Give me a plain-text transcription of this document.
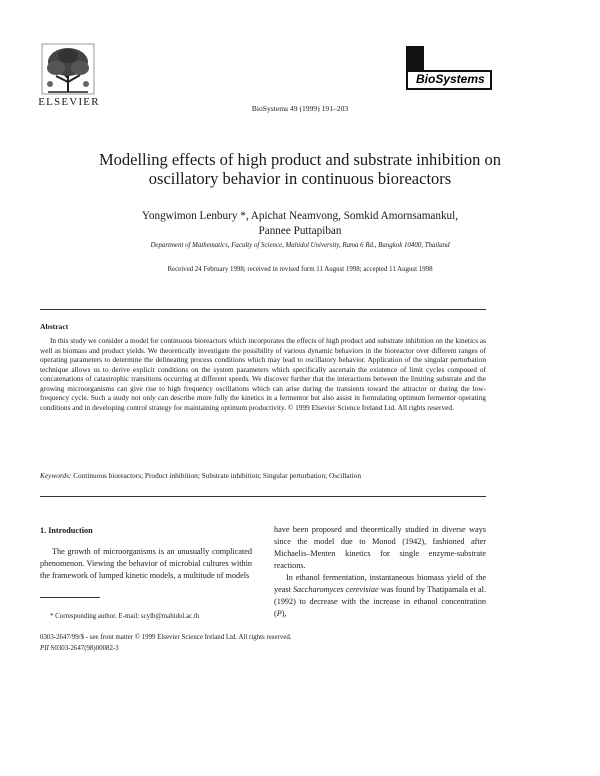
ELSEVIER
BioSystems 49 (1999) 191–203
BioSystems
Modelling effects of high product and substrate inhibition on
oscillatory behavior in continuous bioreactors
Yongwimon Lenbury *, Apichat Neamvong, Somkid Amornsamankul,
Pannee Puttapiban
Department of Mathematics, Faculty of Science, Mahidol University, Rama 6 Rd., Bangkok 10400, Thailand
Received 24 February 1998; received in revised form 11 August 1998; accepted 11 August 1998
Abstract
In this study we consider a model for continuous bioreactors which incorporates the effects of high product and substrate inhibition on the kinetics as well as biomass and product yields. We theoretically investigate the possibility of various dynamic behaviors in the bioreactor over different ranges of operating parameters to determine the delineating process conditions which may lead to oscillatory behavior. Application of the singular perturbation technique allows us to derive explicit conditions on the system parameters which specifically ascertain the existence of limit cycles composed of concatenations of catastrophic transitions occurring at different speeds. We discover further that the interactions between the limiting substrate and the growing microorganisms can give rise to high frequency oscillations which can arise during the transients toward the attractor or during the low-frequency cycle. Such a study not only can describe more fully the kinetics in a fermentor but also assist in formulating optimum fermentor operating conditions and in developing control strategy for maintaining optimum productivity. © 1999 Elsevier Science Ireland Ltd. All rights reserved.
Keywords: Continuous bioreactors; Product inhibition; Substrate inhibition; Singular perturbation; Oscillation
1. Introduction
The growth of microorganisms is an unusually complicated phenomenon. Viewing the behavior of microbial cultures within the framework of lumped kinetic models, a multitude of models

have been proposed and theoretically studied in diverse ways since the model due to Monod (1942), fashioned after Michaelis–Menten kinetics for single enzyme-substrate reactions.

In ethanol fermentation, instantaneous biomass yield of the yeast Saccharomyces cerevisiae was found by Thatipamala et al. (1992) to decrease with the increase in ethanol concentration (P),

* Corresponding author. E-mail: scylb@mahidol.ac.th
0303-2647/99/$ - see front matter © 1999 Elsevier Science Ireland Ltd. All rights reserved.
PII S0303-2647(98)00082-3
